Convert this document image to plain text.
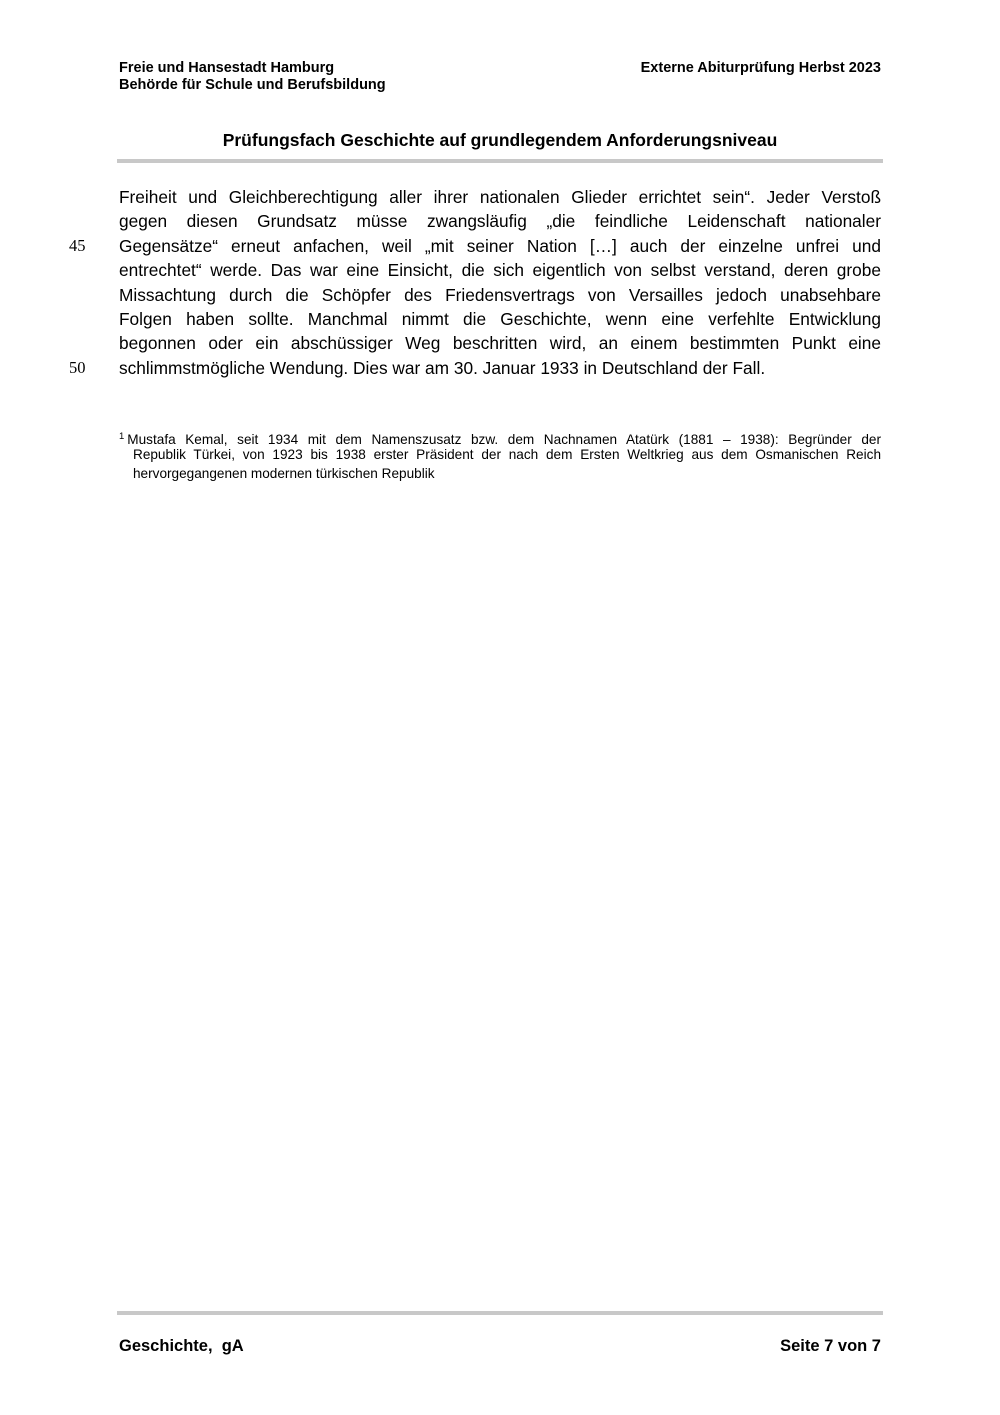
Freie und Hansestadt Hamburg
Behörde für Schule und Berufsbildung
Externe Abiturprüfung Herbst 2023
Prüfungsfach Geschichte auf grundlegendem Anforderungsniveau
Freiheit und Gleichberechtigung aller ihrer nationalen Glieder errichtet sein“. Jeder Verstoß
gegen diesen Grundsatz müsse zwangsläufig „die feindliche Leidenschaft nationaler
45 Gegensätze“ erneut anfachen, weil „mit seiner Nation […] auch der einzelne unfrei und
entrechtet“ werde. Das war eine Einsicht, die sich eigentlich von selbst verstand, deren grobe
Missachtung durch die Schöpfer des Friedensvertrags von Versailles jedoch unabsehbare
Folgen haben sollte. Manchmal nimmt die Geschichte, wenn eine verfehlte Entwicklung
begonnen oder ein abschüssiger Weg beschritten wird, an einem bestimmten Punkt eine
50 schlimmstmögliche Wendung. Dies war am 30. Januar 1933 in Deutschland der Fall.
$^1$ Mustafa Kemal, seit 1934 mit dem Namenszusatz bzw. dem Nachnamen Atatürk (1881 – 1938): Begründer der
Republik Türkei, von 1923 bis 1938 erster Präsident der nach dem Ersten Weltkrieg aus dem Osmanischen Reich
hervorgegangenen modernen türkischen Republik
Geschichte,  gA	Seite 7 von 7
